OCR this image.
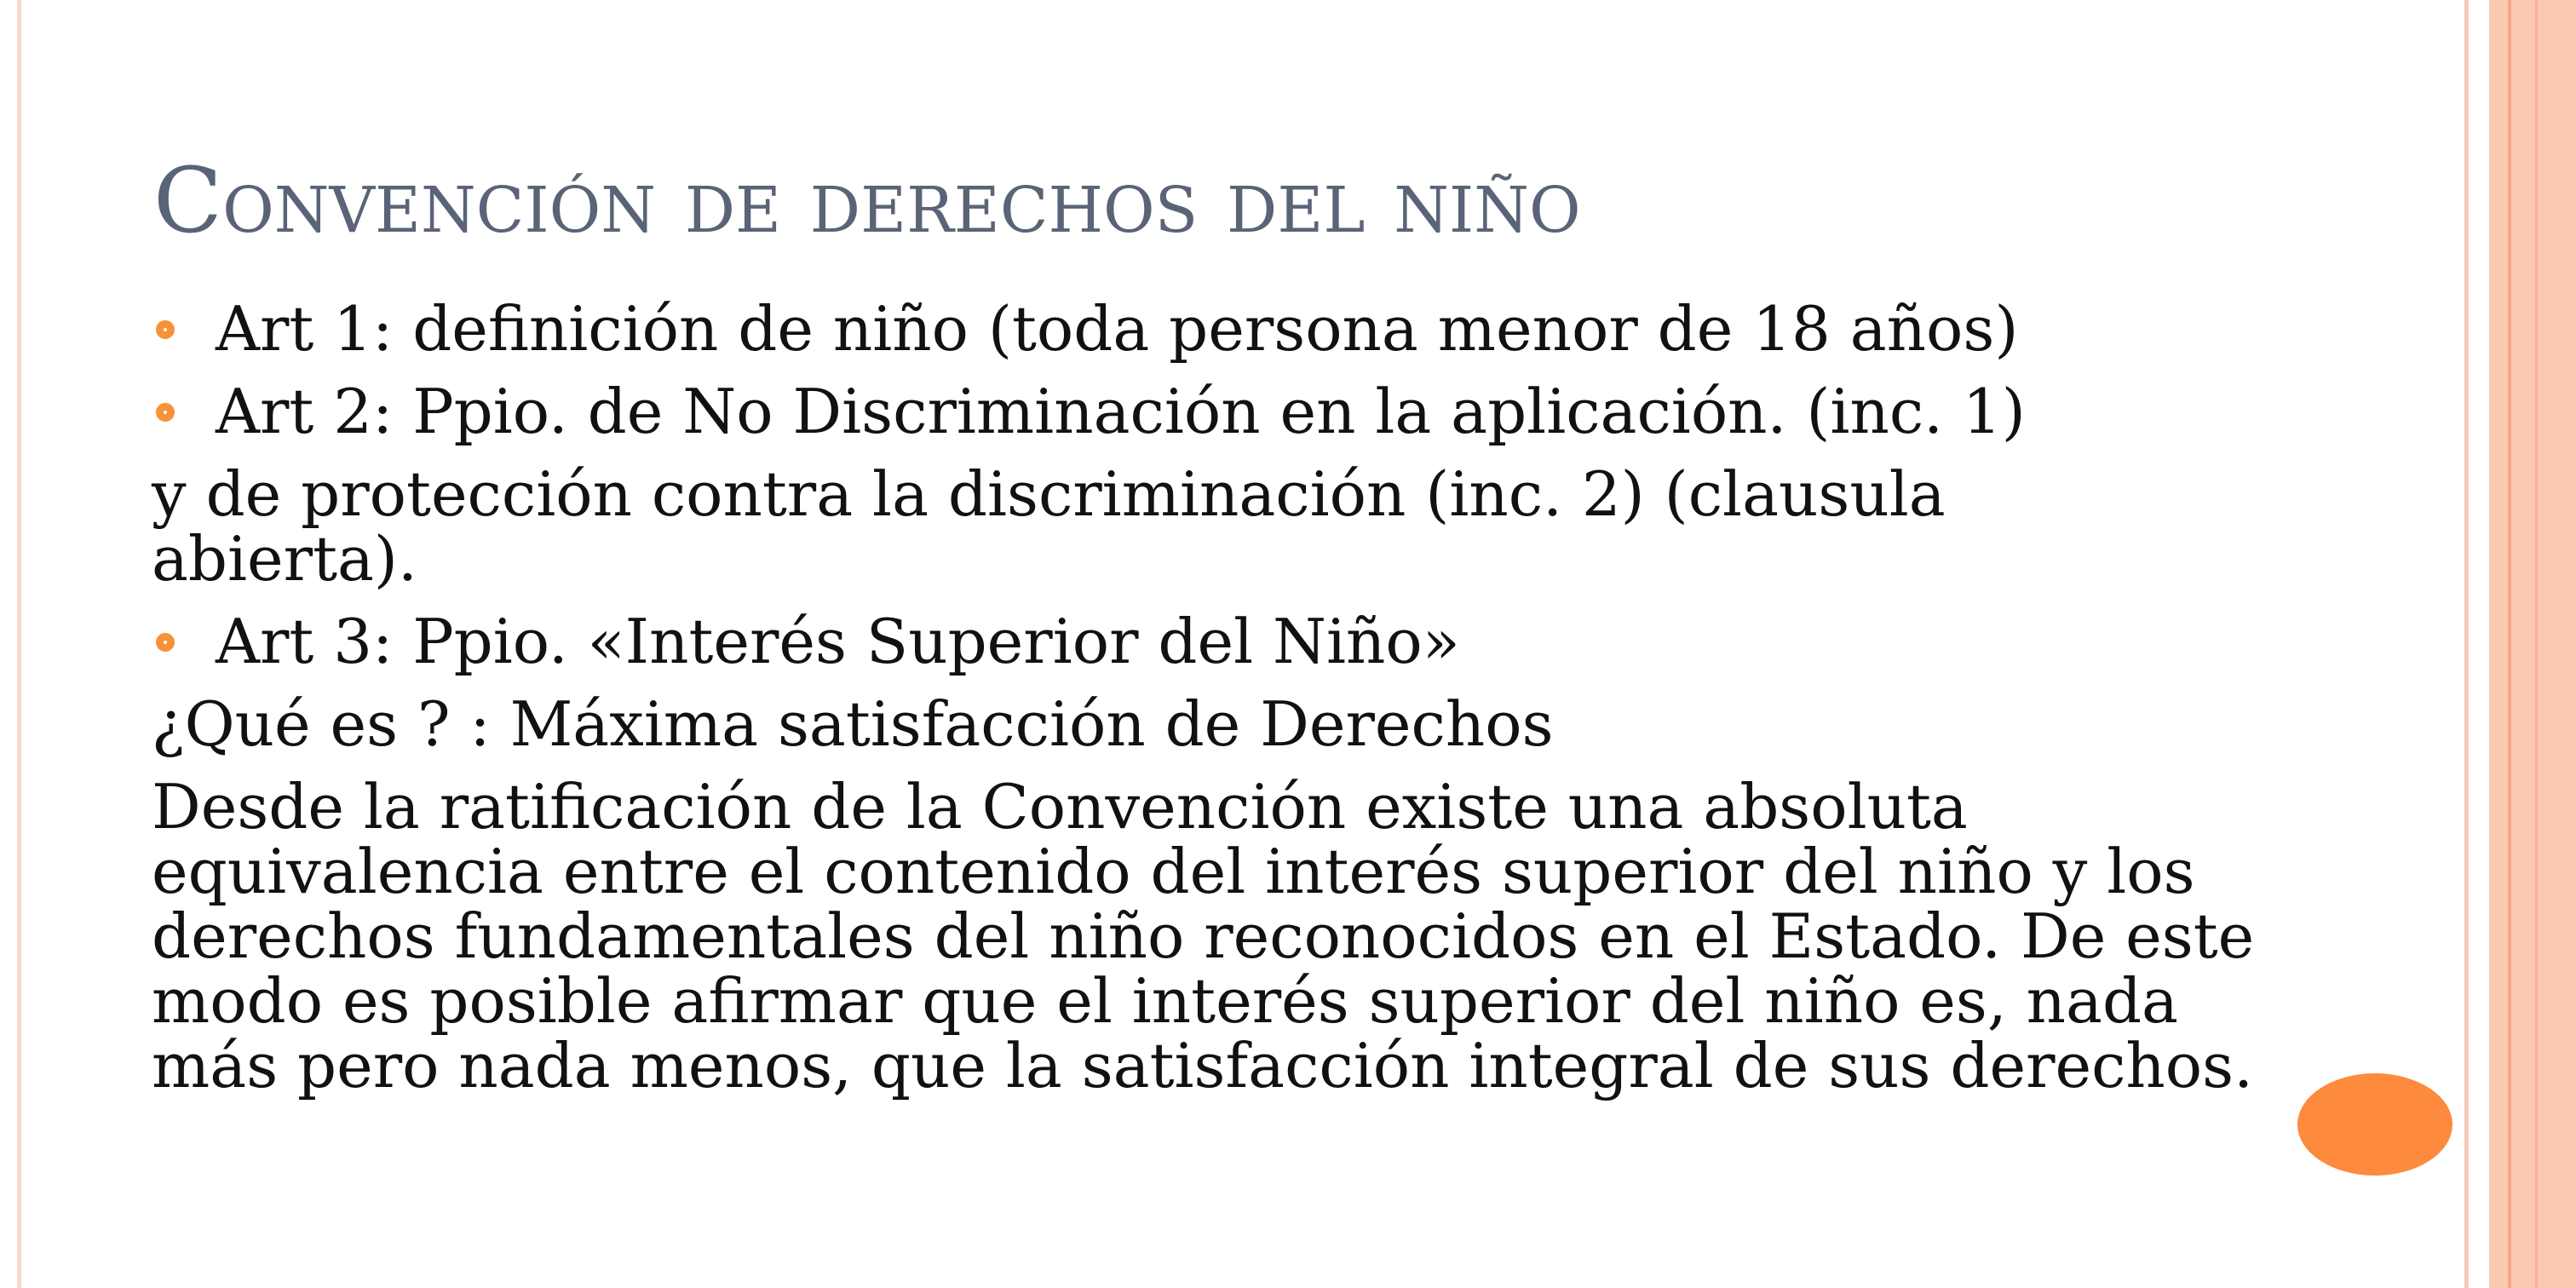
Convención de derechos del niño
Art 1: definición de niño (toda persona menor de 18 años)
Art 2: Ppio. de No Discriminación en la aplicación. (inc. 1)
y de protección contra la discriminación (inc. 2) (clausula abierta).
Art 3: Ppio. «Interés Superior del Niño»
¿Qué es ? : Máxima satisfacción de Derechos
Desde la ratificación de la Convención existe una absoluta equivalencia entre el contenido del interés superior del niño y los derechos fundamentales del niño reconocidos en el Estado. De este modo es posible afirmar que el interés superior del niño es, nada más pero nada menos, que la satisfacción integral de sus derechos.
